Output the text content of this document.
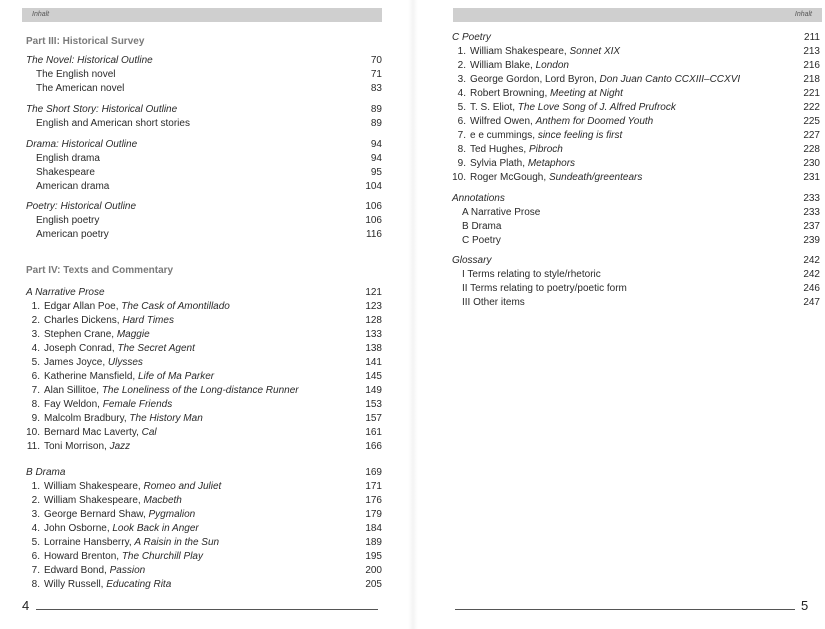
Inhalt
Part III: Historical Survey
The Novel: Historical Outline	70
The English novel	71
The American novel	83
The Short Story: Historical Outline	89
English and American short stories	89
Drama: Historical Outline	94
English drama	94
Shakespeare	95
American drama	104
Poetry: Historical Outline	106
English poetry	106
American poetry	116
Part IV: Texts and Commentary
A Narrative Prose	121
1. Edgar Allan Poe, The Cask of Amontillado	123
2. Charles Dickens, Hard Times	128
3. Stephen Crane, Maggie	133
4. Joseph Conrad, The Secret Agent	138
5. James Joyce, Ulysses	141
6. Katherine Mansfield, Life of Ma Parker	145
7. Alan Sillitoe, The Loneliness of the Long-distance Runner	149
8. Fay Weldon, Female Friends	153
9. Malcolm Bradbury, The History Man	157
10. Bernard Mac Laverty, Cal	161
11. Toni Morrison, Jazz	166
B Drama	169
1. William Shakespeare, Romeo and Juliet	171
2. William Shakespeare, Macbeth	176
3. George Bernard Shaw, Pygmalion	179
4. John Osborne, Look Back in Anger	184
5. Lorraine Hansberry, A Raisin in the Sun	189
6. Howard Brenton, The Churchill Play	195
7. Edward Bond, Passion	200
8. Willy Russell, Educating Rita	205
4
Inhalt
C Poetry	211
1. William Shakespeare, Sonnet XIX	213
2. William Blake, London	216
3. George Gordon, Lord Byron, Don Juan Canto CCXIII–CCXVI	218
4. Robert Browning, Meeting at Night	221
5. T. S. Eliot, The Love Song of J. Alfred Prufrock	222
6. Wilfred Owen, Anthem for Doomed Youth	225
7. e e cummings, since feeling is first	227
8. Ted Hughes, Pibroch	228
9. Sylvia Plath, Metaphors	230
10. Roger McGough, Sundeath/greentears	231
Annotations	233
A Narrative Prose	233
B Drama	237
C Poetry	239
Glossary	242
I Terms relating to style/rhetoric	242
II Terms relating to poetry/poetic form	246
III Other items	247
5
